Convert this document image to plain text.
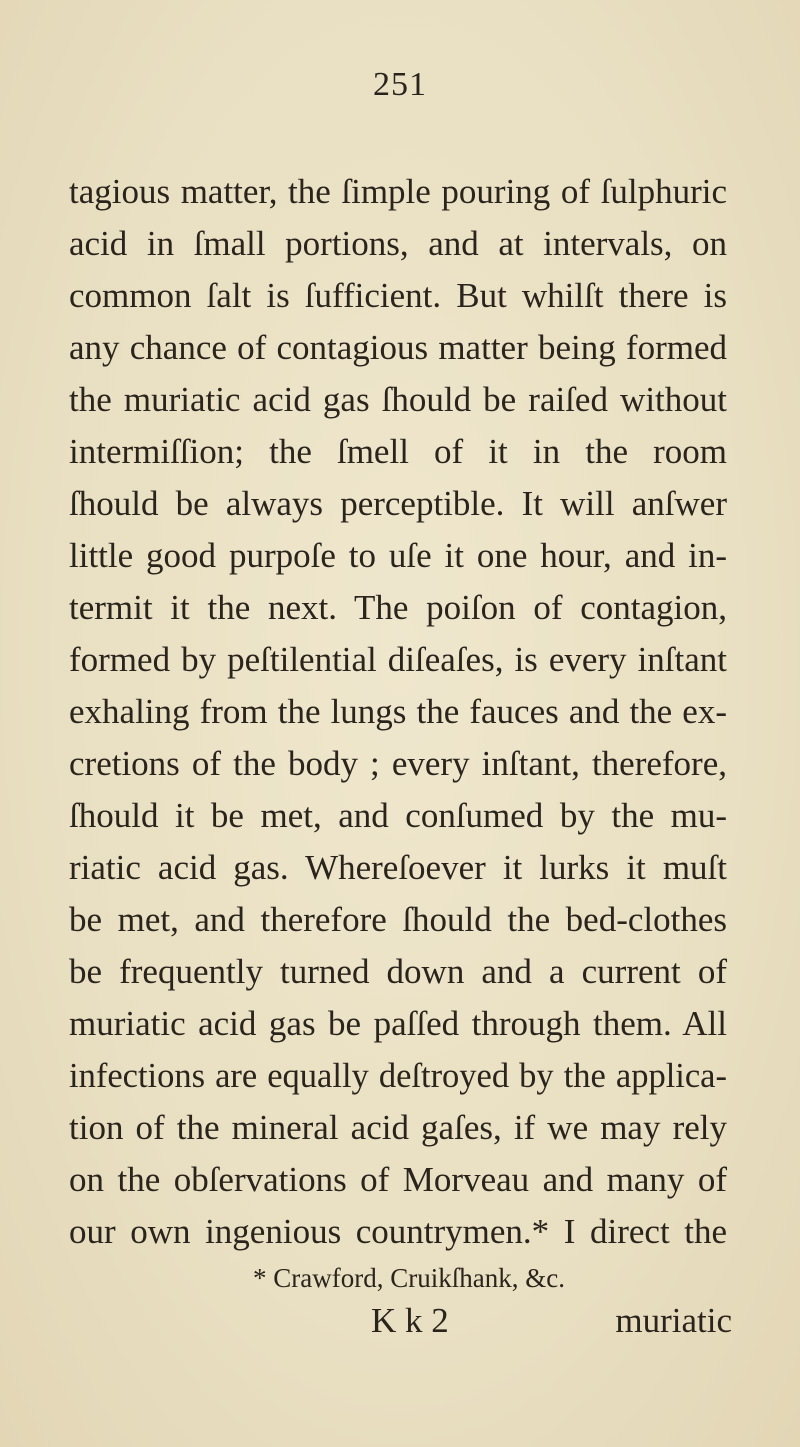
251
tagious matter, the ſimple pouring of ſulphuric
acid in ſmall portions, and at intervals, on
common ſalt is ſufficient. But whilſt there is
any chance of contagious matter being formed
the muriatic acid gas ſhould be raiſed without
intermiſſion; the ſmell of it in the room
ſhould be always perceptible. It will anſwer
little good purpoſe to uſe it one hour, and in-
termit it the next. The poiſon of contagion,
formed by peſtilential diſeaſes, is every inſtant
exhaling from the lungs the fauces and the ex-
cretions of the body ; every inſtant, therefore,
ſhould it be met, and conſumed by the mu-
riatic acid gas. Whereſoever it lurks it muſt
be met, and therefore ſhould the bed-clothes
be frequently turned down and a current of
muriatic acid gas be paſſed through them. All
infections are equally deſtroyed by the applica-
tion of the mineral acid gaſes, if we may rely
on the obſervations of Morveau and many of
our own ingenious countrymen.* I direct the
* Crawford, Cruikſhank, &c.
K k 2	muriatic
